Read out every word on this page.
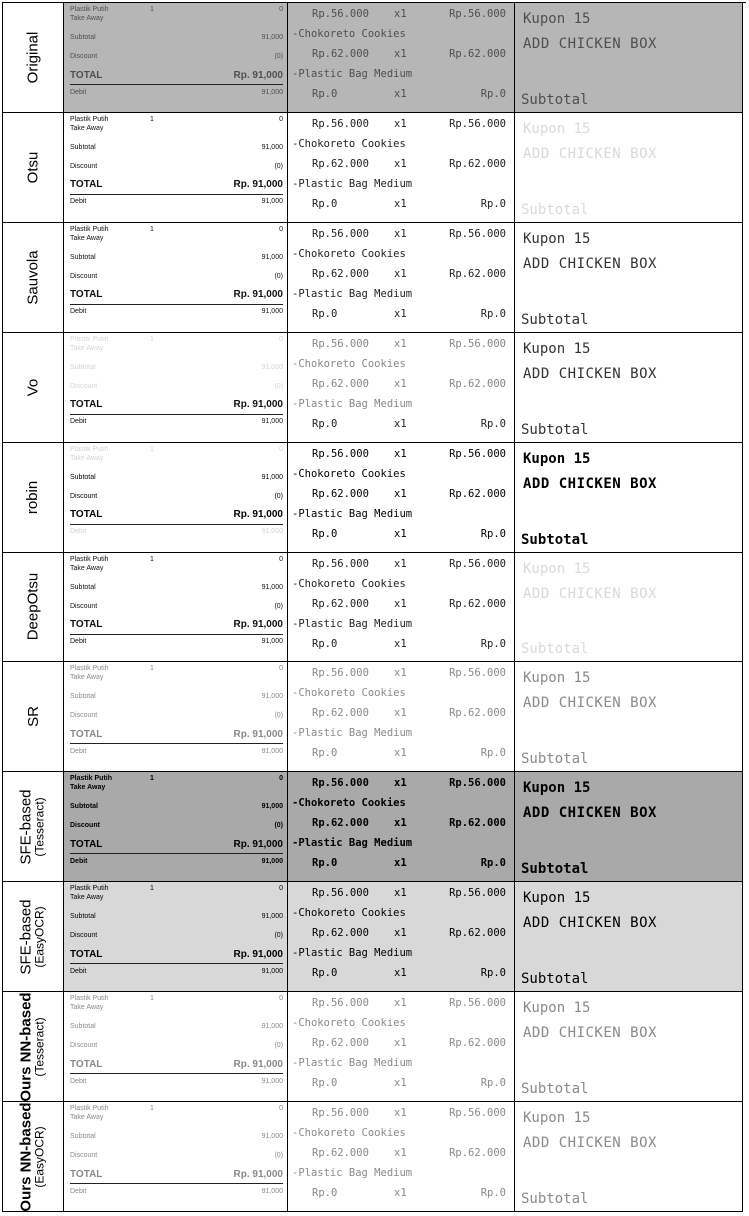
Original
Plastik Putih	1	0
Take Away
Subtotal	91,000
Discount	(0)
TOTAL	Rp. 91,000
Debit	91,000
Rp.56.000 x1	Rp.56.000
-Chokoreto Cookies
Rp.62.000 x1	Rp.62.000
-Plastic Bag Medium
Rp.0	x1	Rp.0
Kupon 15
ADD CHICKEN BOX
Subtotal
Otsu
Plastik Putih	1	0
Take Away
Subtotal	91,000
Discount	(0)
TOTAL	Rp. 91,000
Debit	91,000
Rp.56.000 x1	Rp.56.000
-Chokoreto Cookies
Rp.62.000 x1	Rp.62.000
-Plastic Bag Medium
Rp.0	x1	Rp.0
Kupon 15
ADD CHICKEN BOX
Subtotal
Sauvola
Plastik Putih	1	0
Take Away
Subtotal	91,000
Discount	(0)
TOTAL	Rp. 91,000
Debit	91,000
Rp.56.000 x1	Rp.56.000
-Chokoreto Cookies
Rp.62.000 x1	Rp.62.000
-Plastic Bag Medium
Rp.0	x1	Rp.0
Kupon 15
ADD CHICKEN BOX
Subtotal
Vo
Plastik Putih	1	0
Take Away
Subtotal	91,000
Discount	(0)
TOTAL	Rp. 91,000
Debit	91,000
Rp.56.000 x1	Rp.56.000
-Chokoreto Cookies
Rp.62.000 x1	Rp.62.000
-Plastic Bag Medium
Rp.0	x1	Rp.0
Kupon 15
ADD CHICKEN BOX
Subtotal
robin
Plastik Putih	1	0
Take Away
Subtotal	91,000
Discount	(0)
TOTAL	Rp. 91,000
Debit	91,000
Rp.56.000 x1	Rp.56.000
-Chokoreto Cookies
Rp.62.000 x1	Rp.62.000
-Plastic Bag Medium
Rp.0	x1	Rp.0
Kupon 15
ADD CHICKEN BOX
Subtotal
DeepOtsu
Plastik Putih	1	0
Take Away
Subtotal	91,000
Discount	(0)
TOTAL	Rp. 91,000
Debit	91,000
Rp.56.000 x1	Rp.56.000
-Chokoreto Cookies
Rp.62.000 x1	Rp.62.000
-Plastic Bag Medium
Rp.0	x1	Rp.0
Kupon 15
ADD CHICKEN BOX
Subtotal
SR
Plastik Putih	1	0
Take Away
Subtotal	91,000
Discount	(0)
TOTAL	Rp. 91,000
Debit	91,000
Rp.56.000 x1	Rp.56.000
-Chokoreto Cookies
Rp.62.000 x1	Rp.62.000
-Plastic Bag Medium
Rp.0	x1	Rp.0
Kupon 15
ADD CHICKEN BOX
Subtotal
SFE-based
(Tesseract)
Plastik Putih	1	0
Take Away
Subtotal	91,000
Discount	(0)
TOTAL	Rp. 91,000
Debit	91,000
Rp.56.000 x1	Rp.56.000
-Chokoreto Cookies
Rp.62.000 x1	Rp.62.000
-Plastic Bag Medium
Rp.0	x1	Rp.0
Kupon 15
ADD CHICKEN BOX
Subtotal
SFE-based
(EasyOCR)
Plastik Putih	1	0
Take Away
Subtotal	91,000
Discount	(0)
TOTAL	Rp. 91,000
Debit	91,000
Rp.56.000 x1	Rp.56.000
-Chokoreto Cookies
Rp.62.000 x1	Rp.62.000
-Plastic Bag Medium
Rp.0	x1	Rp.0
Kupon 15
ADD CHICKEN BOX
Subtotal
Ours NN-based
(Tesseract)
Plastik Putih	1	0
Take Away
Subtotal	91,000
Discount	(0)
TOTAL	Rp. 91,000
Debit	91,000
Rp.56.000 x1	Rp.56.000
-Chokoreto Cookies
Rp.62.000 x1	Rp.62.000
-Plastic Bag Medium
Rp.0	x1	Rp.0
Kupon 15
ADD CHICKEN BOX
Subtotal
Ours NN-based
(EasyOCR)
Plastik Putih	1	0
Take Away
Subtotal	91,000
Discount	(0)
TOTAL	Rp. 91,000
Debit	91,000
Rp.56.000 x1	Rp.56.000
-Chokoreto Cookies
Rp.62.000 x1	Rp.62.000
-Plastic Bag Medium
Rp.0	x1	Rp.0
Kupon 15
ADD CHICKEN BOX
Subtotal
